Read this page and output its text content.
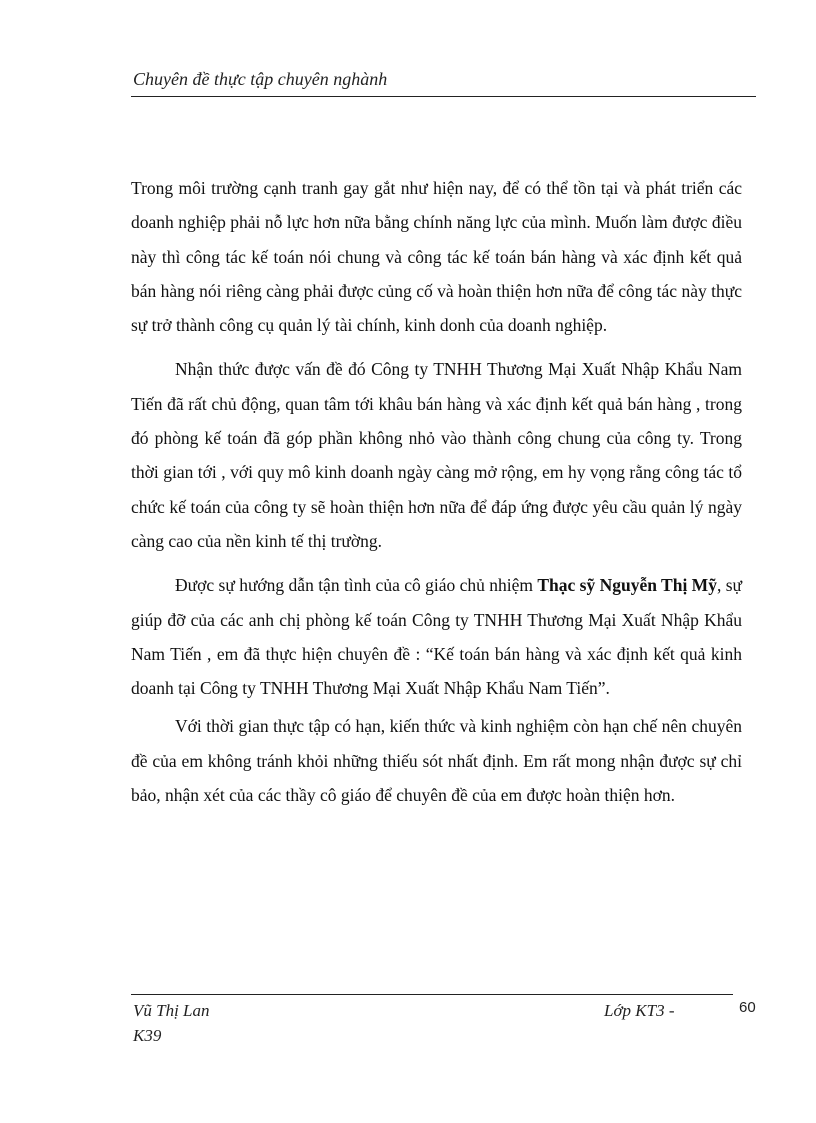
Chuyên đề thực tập chuyên nghành

Trong môi trường cạnh tranh gay gắt như hiện nay, để có thể tồn tại và phát triển các doanh nghiệp phải nỗ lực hơn nữa bằng chính năng lực của mình. Muốn làm được điều này thì công tác kế toán nói chung và công tác kế toán bán hàng và xác định kết quả bán hàng nói riêng càng phải được củng cố và hoàn thiện hơn nữa để công tác này thực sự trở thành công cụ quản lý tài chính, kinh donh của doanh nghiệp.

Nhận thức được vấn đề đó Công ty TNHH Thương Mại Xuất Nhập Khẩu Nam Tiến đã rất chủ động, quan tâm tới khâu bán hàng và xác định kết quả bán hàng , trong đó phòng kế toán đã góp phần không nhỏ vào thành công chung của công ty. Trong thời gian tới , với quy mô kinh doanh ngày càng mở rộng, em hy vọng rằng công tác tổ chức kế toán của công ty sẽ hoàn thiện hơn nữa để đáp ứng được yêu cầu quản lý ngày càng cao của nền kinh tế thị trường.

Được sự hướng dẫn tận tình của cô giáo chủ nhiệm Thạc sỹ Nguyễn Thị Mỹ, sự giúp đỡ của các anh chị phòng kế toán Công ty TNHH Thương Mại Xuất Nhập Khẩu Nam Tiến , em đã thực hiện chuyên đề : “Kế toán bán hàng và xác định kết quả kinh doanh tại Công ty TNHH Thương Mại Xuất Nhập Khẩu Nam Tiến”.

Với thời gian thực tập có hạn, kiến thức và kinh nghiệm còn hạn chế nên chuyên đề của em không tránh khỏi những thiếu sót nhất định. Em rất mong nhận được sự chỉ bảo, nhận xét của các thầy cô giáo để chuyên đề của em được hoàn thiện hơn.

Vũ Thị Lan	Lớp KT3 -	60
K39
